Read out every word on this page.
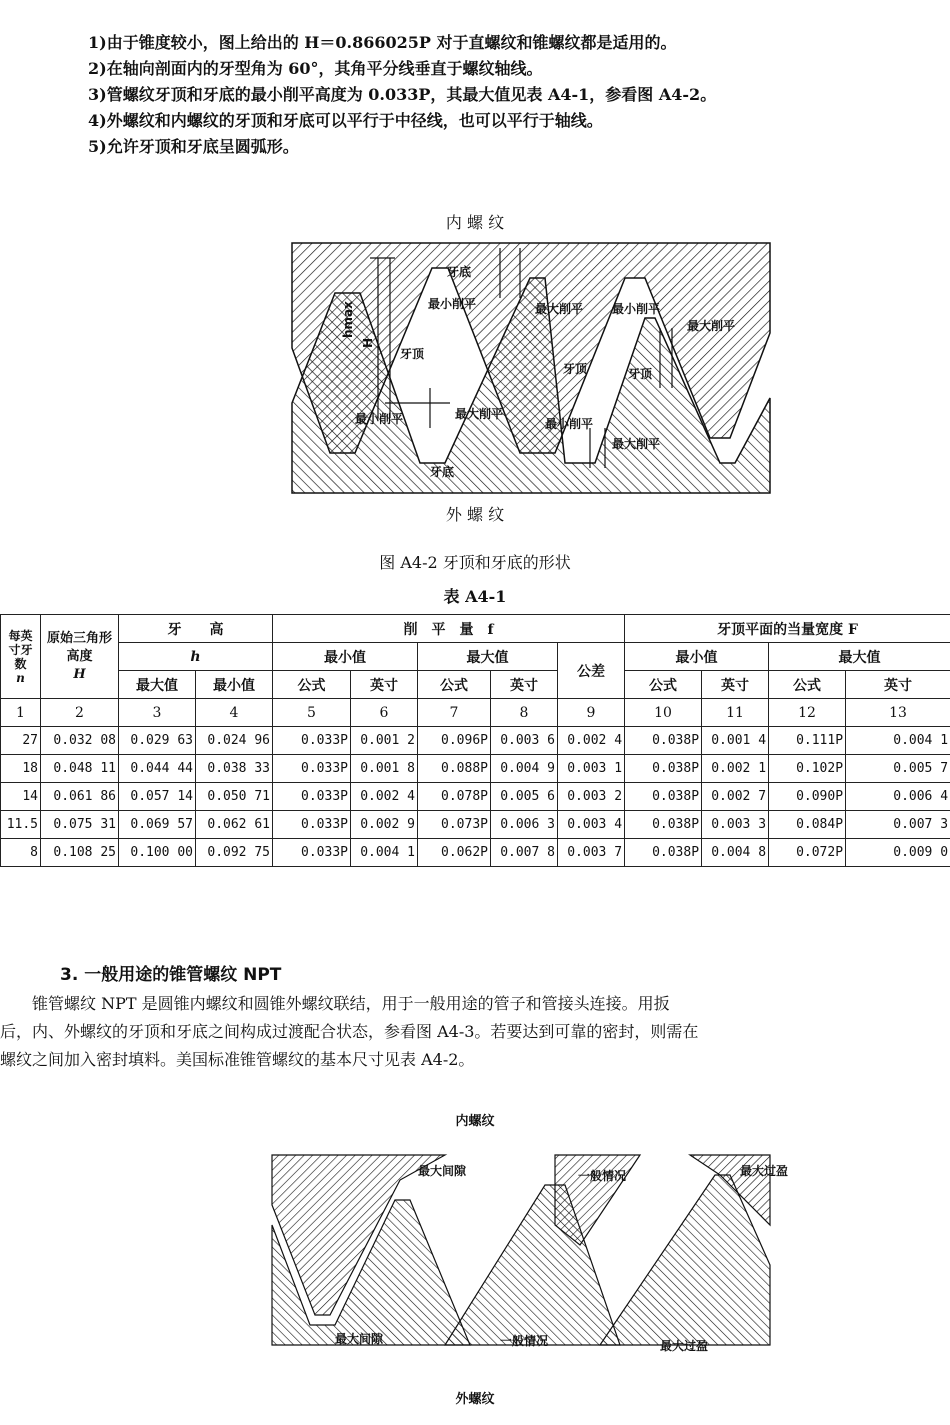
1)由于锥度较小，图上给出的 H＝0.866025P 对于直螺纹和锥螺纹都是适用的。
2)在轴向剖面内的牙型角为 60°，其角平分线垂直于螺纹轴线。
3)管螺纹牙顶和牙底的最小削平高度为 0.033P，其最大值见表 A4-1，参看图 A4-2。
4)外螺纹和内螺纹的牙顶和牙底可以平行于中径线，也可以平行于轴线。
5)允许牙顶和牙底呈圆弧形。
内 螺 纹
牙底
最小削平	最大削平 最小削平
最大削平
牙顶
牙顶	牙顶
最小削平	最大削平
最小削平
最大削平
牙底
hmax
H
外 螺 纹
图 A4-2 牙顶和牙底的形状
表 A4-1
每英寸牙数
n	原始三角形高度
H	牙　　高		削　平　量　f					牙顶平面的当量宽度 F			
		h		最小值		最大值		公差	最小值		最大值	
		最大值	最小值	公式	英寸	公式	英寸		公式	英寸	公式	英寸
1	2	3	4	5	6	7	8	9	10	11	12	13
27	0.032 08	0.029 63	0.024 96	0.033P	0.001 2	0.096P	0.003 6	0.002 4	0.038P	0.001 4	0.111P	0.004 1
18	0.048 11	0.044 44	0.038 33	0.033P	0.001 8	0.088P	0.004 9	0.003 1	0.038P	0.002 1	0.102P	0.005 7
14	0.061 86	0.057 14	0.050 71	0.033P	0.002 4	0.078P	0.005 6	0.003 2	0.038P	0.002 7	0.090P	0.006 4
11.5	0.075 31	0.069 57	0.062 61	0.033P	0.002 9	0.073P	0.006 3	0.003 4	0.038P	0.003 3	0.084P	0.007 3
8	0.108 25	0.100 00	0.092 75	0.033P	0.004 1	0.062P	0.007 8	0.003 7	0.038P	0.004 8	0.072P	0.009 0
3. 一般用途的锥管螺纹 NPT
　　锥管螺纹 NPT 是圆锥内螺纹和圆锥外螺纹联结，用于一般用途的管子和管接头连接。用扳
后，内、外螺纹的牙顶和牙底之间构成过渡配合状态，参看图 A4-3。若要达到可靠的密封，则需在
螺纹之间加入密封填料。美国标准锥管螺纹的基本尺寸见表 A4-2。
内螺纹
最大间隙	一般情况	最大过盈
最大间隙	一般情况	最大过盈
外螺纹
